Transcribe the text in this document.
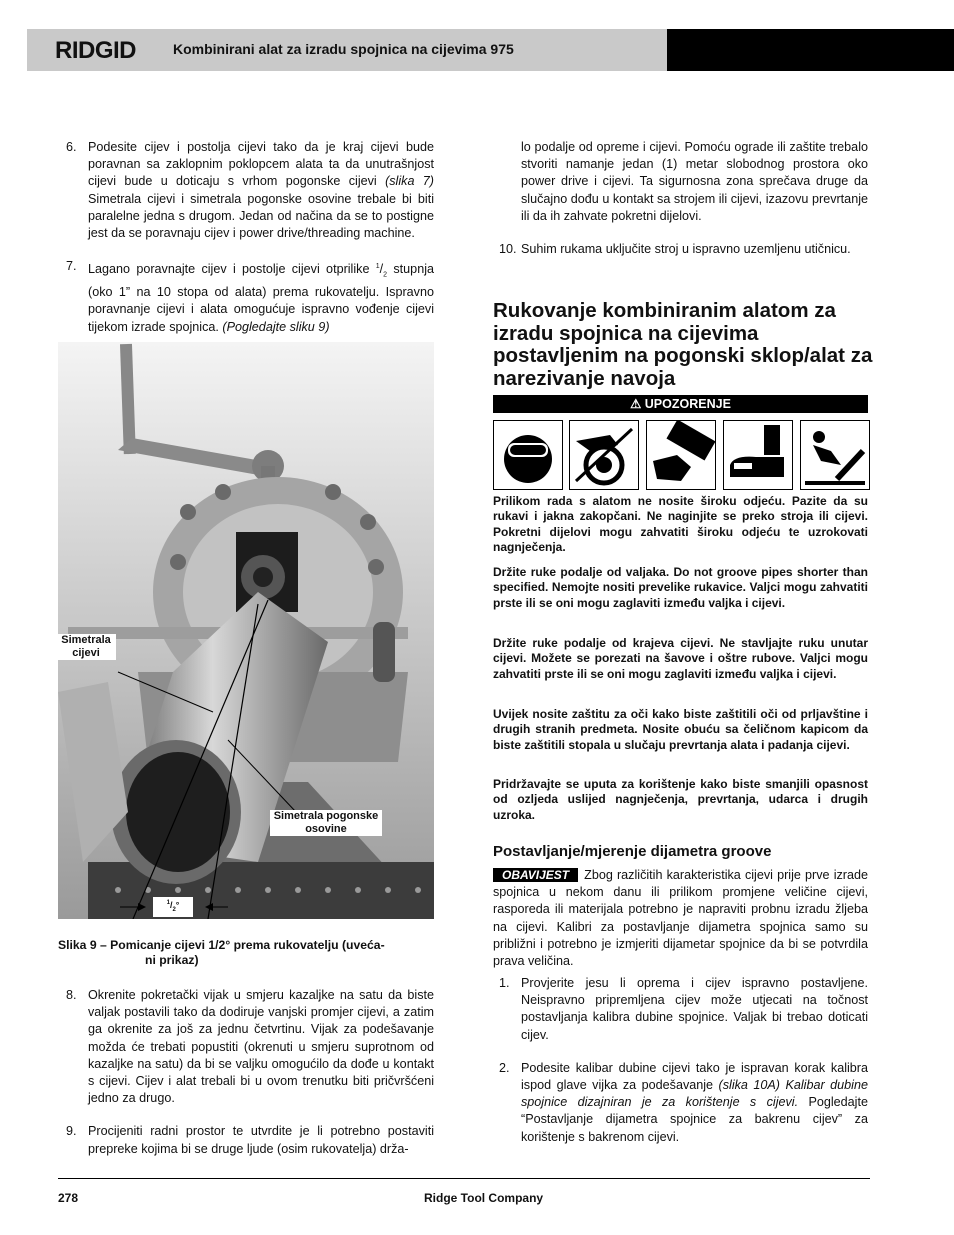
RIDGID	Kombinirani alat za izradu spojnica na cijevima 975

6. Podesite cijev i postolja cijevi tako da je kraj cijevi bude poravnan sa zaklopnim poklopcem alata ta da unutrašnjost cijevi bude u doticaju s vrhom pogonske cijevi (slika 7) Simetrala cijevi i simetrala pogonske osovine trebale bi biti paralelne jedna s drugom. Jedan od načina da se to postigne jest da se poravnaju cijev i power drive/threading machine.

7. Lagano poravnajte cijev i postolje cijevi otprilike $^1/_2$ stupnja (oko 1” na 10 stopa od alata) prema rukovatelju. Ispravno poravnanje cijevi i alata omogućuje ispravno vođenje cijevi tijekom izrade spojnica. (Pogledajte sliku 9)

Simetrala cijevi
Simetrala pogonske osovine
$^1/_2^\circ$
Slika 9 – Pomicanje cijevi 1/2° prema rukovatelju (uveća-
ni prikaz)

8. Okrenite pokretački vijak u smjeru kazaljke na satu da biste valjak postavili tako da dodiruje vanjski promjer cijevi, a zatim ga okrenite za još za jednu četvrtinu. Vijak za podešavanje možda će trebati popustiti (okrenuti u smjeru suprotnom od kazaljke na satu) da bi se valjku omogućilo da dođe u kontakt s cijevi. Cijev i alat trebali bi u ovom trenutku biti pričvršćeni jedno za drugo.

9. Procijeniti radni prostor te utvrdite je li potrebno postaviti prepreke kojima bi se druge ljude (osim rukovatelja) drža-

lo podalje od opreme i cijevi. Pomoću ograde ili zaštite trebalo stvoriti namanje jedan (1) metar slobodnog prostora oko power drive i cijevi. Ta sigurnosna zona sprečava druge da slučajno dođu u kontakt sa strojem ili cijevi, izazovu prevrtanje ili da ih zahvate pokretni dijelovi.

10. Suhim rukama uključite stroj u ispravno uzemljenu utičnicu.

Rukovanje kombiniranim alatom za izradu spojnica na cijevima postavljenim na pogonski sklop/alat za narezivanje navoja
⚠ UPOZORENJE
Prilikom rada s alatom ne nosite široku odjeću. Pazite da su rukavi i jakna zakopčani. Ne naginjite se preko stroja ili cijevi. Pokretni dijelovi mogu zahvatiti široku odjeću te uzrokovati nagnječenja.
Držite ruke podalje od valjaka. Do not groove pipes shorter than specified. Nemojte nositi prevelike rukavice. Valjci mogu zahvatiti prste ili se oni mogu zaglaviti između valjka i cijevi.
Držite ruke podalje od krajeva cijevi. Ne stavljajte ruku unutar cijevi. Možete se porezati na šavove i oštre rubove. Valjci mogu zahvatiti prste ili se oni mogu zaglaviti između valjka i cijevi.
Uvijek nosite zaštitu za oči kako biste zaštitili oči od prljavštine i drugih stranih predmeta. Nosite obuću sa čeličnom kapicom da biste zaštitili stopala u slučaju prevrtanja alata i padanja cijevi.
Pridržavajte se uputa za korištenje kako biste smanjili opasnost od ozljeda uslijed nagnječenja, prevrtanja, udarca i drugih uzroka.
Postavljanje/mjerenje dijametra groove
OBAVIJEST Zbog različitih karakteristika cijevi prije prve izrade spojnica u nekom danu ili prilikom promjene veličine cijevi, rasporeda ili materijala potrebno je napraviti probnu izradu žljeba na cijevi. Kalibri za postavljanje dijametra spojnica samo su približni i potrebno je izmjeriti dijametar spojnice da bi se potvrdila prava veličina.

1. Provjerite jesu li oprema i cijev ispravno postavljene. Neispravno pripremljena cijev može utjecati na točnost postavljanja kalibra dubine spojnice. Valjak bi trebao doticati cijev.

2. Podesite kalibar dubine cijevi tako je ispravan korak kalibra ispod glave vijka za podešavanje (slika 10A) Kalibar dubine spojnice dizajniran je za korištenje s cijevi. Pogledajte “Postavljanje dijametra spojnice za bakrenu cijev” za korištenje s bakrenom cijevi.

278	Ridge Tool Company
